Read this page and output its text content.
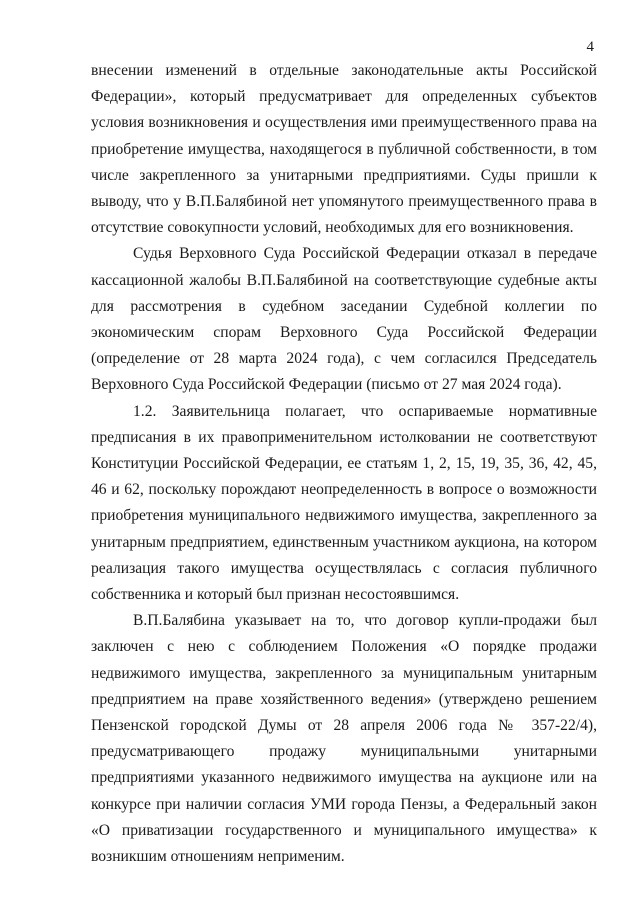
4

внесении изменений в отдельные законодательные акты Российской Федерации», который предусматривает для определенных субъектов условия возникновения и осуществления ими преимущественного права на приобретение имущества, находящегося в публичной собственности, в том числе закрепленного за унитарными предприятиями. Суды пришли к выводу, что у В.П.Балябиной нет упомянутого преимущественного права в отсутствие совокупности условий, необходимых для его возникновения.

Судья Верховного Суда Российской Федерации отказал в передаче кассационной жалобы В.П.Балябиной на соответствующие судебные акты для рассмотрения в судебном заседании Судебной коллегии по экономическим спорам Верховного Суда Российской Федерации (определение от 28 марта 2024 года), с чем согласился Председатель Верховного Суда Российской Федерации (письмо от 27 мая 2024 года).

1.2. Заявительница полагает, что оспариваемые нормативные предписания в их правоприменительном истолковании не соответствуют Конституции Российской Федерации, ее статьям 1, 2, 15, 19, 35, 36, 42, 45, 46 и 62, поскольку порождают неопределенность в вопросе о возможности приобретения муниципального недвижимого имущества, закрепленного за унитарным предприятием, единственным участником аукциона, на котором реализация такого имущества осуществлялась с согласия публичного собственника и который был признан несостоявшимся.

В.П.Балябина указывает на то, что договор купли-продажи был заключен с нею с соблюдением Положения «О порядке продажи недвижимого имущества, закрепленного за муниципальным унитарным предприятием на праве хозяйственного ведения» (утверждено решением Пензенской городской Думы от 28 апреля 2006 года № 357-22/4), предусматривающего продажу муниципальными унитарными предприятиями указанного недвижимого имущества на аукционе или на конкурсе при наличии согласия УМИ города Пензы, а Федеральный закон «О приватизации государственного и муниципального имущества» к возникшим отношениям неприменим.
